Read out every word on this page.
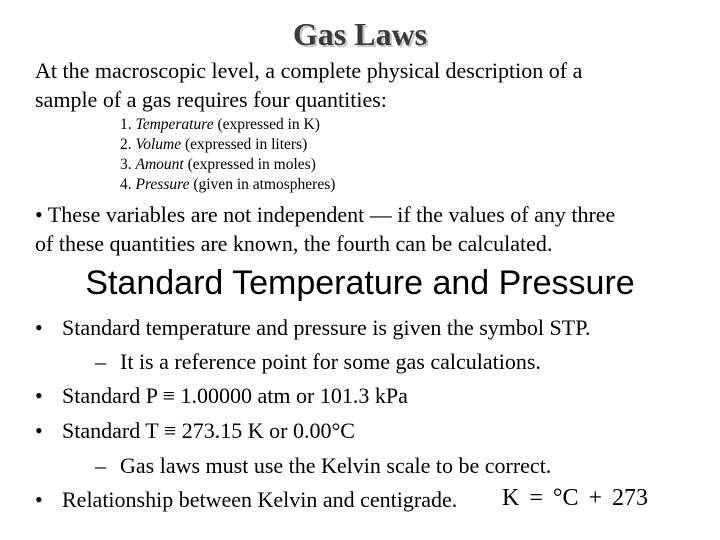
Gas Laws
At the macroscopic level, a complete physical description of a
sample of a gas requires four quantities:
1. Temperature (expressed in K)
2. Volume (expressed in liters)
3. Amount (expressed in moles)
4. Pressure (given in atmospheres)
• These variables are not independent — if the values of any three
of these quantities are known, the fourth can be calculated.
Standard Temperature and Pressure
• Standard temperature and pressure is given the symbol STP.
– It is a reference point for some gas calculations.
• Standard P ≡ 1.00000 atm or 101.3 kPa
• Standard T ≡ 273.15 K or 0.00°C
– Gas laws must use the Kelvin scale to be correct.
• Relationship between Kelvin and centigrade. K = °C + 273
